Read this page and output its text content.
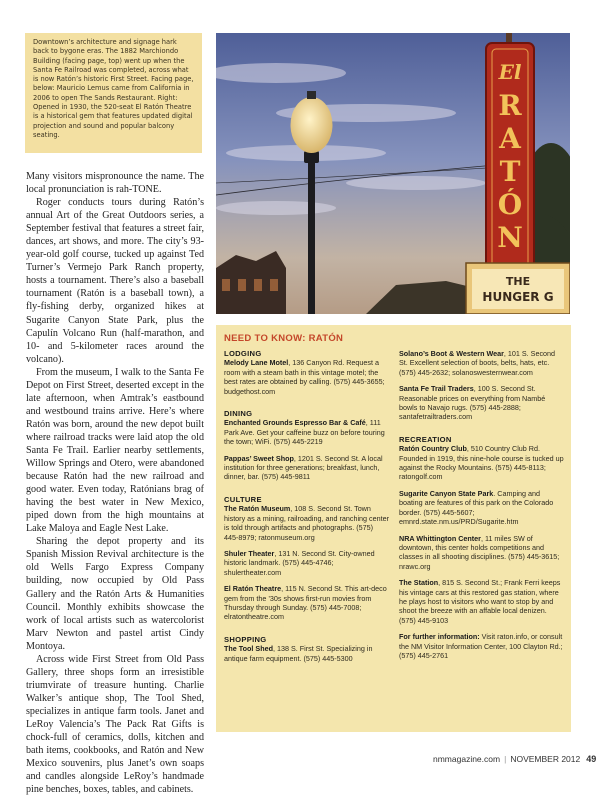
Downtown’s architecture and signage hark back to bygone eras. The 1882 Marchiondo Building (facing page, top) went up when the Santa Fe Railroad was completed, across what is now Ratón’s historic First Street. Facing page, below: Mauricio Lemus came from California in 2006 to open The Sands Restaurant. Right: Opened in 1930, the 520-seat El Ratón Theatre is a historical gem that features updated digital projection and sound and popular balcony seating.

Many visitors mispronounce the name. The local pronunciation is rah-TONE.

Roger conducts tours during Ratón’s annual Art of the Great Outdoors series, a September festival that features a street fair, dances, art shows, and more. The city’s 93-year-old golf course, tucked up against Ted Turner’s Vermejo Park Ranch property, hosts a tournament. There’s also a baseball tournament (Ratón is a baseball town), a fly-fishing derby, organized hikes at Sugarite Canyon State Park, plus the Capulín Volcano Run (half-marathon, and 10- and 5-kilometer races around the volcano).

From the museum, I walk to the Santa Fe Depot on First Street, deserted except in the late afternoon, when Amtrak’s eastbound and westbound trains arrive. Here’s where Ratón was born, around the new depot built where railroad tracks were laid atop the old Santa Fe Trail. Earlier nearby settlements, Willow Springs and Otero, were abandoned because Ratón had the new railroad and good water. Even today, Ratónians brag of having the best water in New Mexico, piped down from the high mountains at Lake Maloya and Eagle Nest Lake.

Sharing the depot property and its Spanish Mission Revival architecture is the old Wells Fargo Express Company building, now occupied by Old Pass Gallery and the Ratón Arts & Humanities Council. Monthly exhibits showcase the work of local artists such as watercolorist Marv Newton and pastel artist Cindy Montoya.

Across wide First Street from Old Pass Gallery, three shops form an irresistible triumvirate of treasure hunting. Charlie Walker’s antique shop, The Tool Shed, specializes in antique farm tools. Janet and LeRoy Valencia’s The Pack Rat Gifts is chock-full of ceramics, dolls, kitchen and bath items, cookbooks, and Ratón and New Mexico souvenirs, plus Janet’s own soaps and candles alongside LeRoy’s handmade pine benches, boxes, tables, and cabinets.

El
R
A
T
Ó
N
THE
HUNGER G
NEED TO KNOW: RATÓN
LODGING
Melody Lane Motel, 136 Canyon Rd. Request a room with a steam bath in this vintage motel; the best rates are obtained by calling. (575) 445-3655; budgethost.com
DINING
Enchanted Grounds Espresso Bar & Café, 111 Park Ave. Get your caffeine buzz on before touring the town; WiFi. (575) 445-2219
Pappas’ Sweet Shop, 1201 S. Second St. A local institution for three generations; breakfast, lunch, dinner, bar. (575) 445-9811
CULTURE
The Ratón Museum, 108 S. Second St. Town history as a mining, railroading, and ranching center is told through artifacts and photographs. (575) 445-8979; ratonmuseum.org
Shuler Theater, 131 N. Second St. City-owned historic landmark. (575) 445-4746; shulertheater.com
El Ratón Theatre, 115 N. Second St. This art-deco gem from the ’30s shows first-run movies from Thursday through Sunday. (575) 445-7008; elratontheatre.com
SHOPPING
The Tool Shed, 138 S. First St. Specializing in antique farm equipment. (575) 445-5300
Solano’s Boot & Western Wear, 101 S. Second St. Excellent selection of boots, belts, hats, etc. (575) 445-2632; solanoswesternwear.com
Santa Fe Trail Traders, 100 S. Second St. Reasonable prices on everything from Nambé bowls to Navajo rugs. (575) 445-2888; santafetrailtraders.com
RECREATION
Ratón Country Club, 510 Country Club Rd. Founded in 1919, this nine-hole course is tucked up against the Rocky Mountains. (575) 445-8113; ratongolf.com
Sugarite Canyon State Park. Camping and boating are features of this park on the Colorado border. (575) 445-5607; emnrd.state.nm.us/PRD/Sugarite.htm
NRA Whittington Center, 11 miles SW of downtown, this center holds competitions and classes in all shooting disciplines. (575) 445-3615; nrawc.org
The Station, 815 S. Second St.; Frank Ferri keeps his vintage cars at this restored gas station, where he plays host to visitors who want to stop by and shoot the breeze with an affable local denizen. (575) 445-9103
For further information: Visit raton.info, or consult the NM Visitor Information Center, 100 Clayton Rd.; (575) 445-2761
nmmagazine.com | NOVEMBER 2012 49
